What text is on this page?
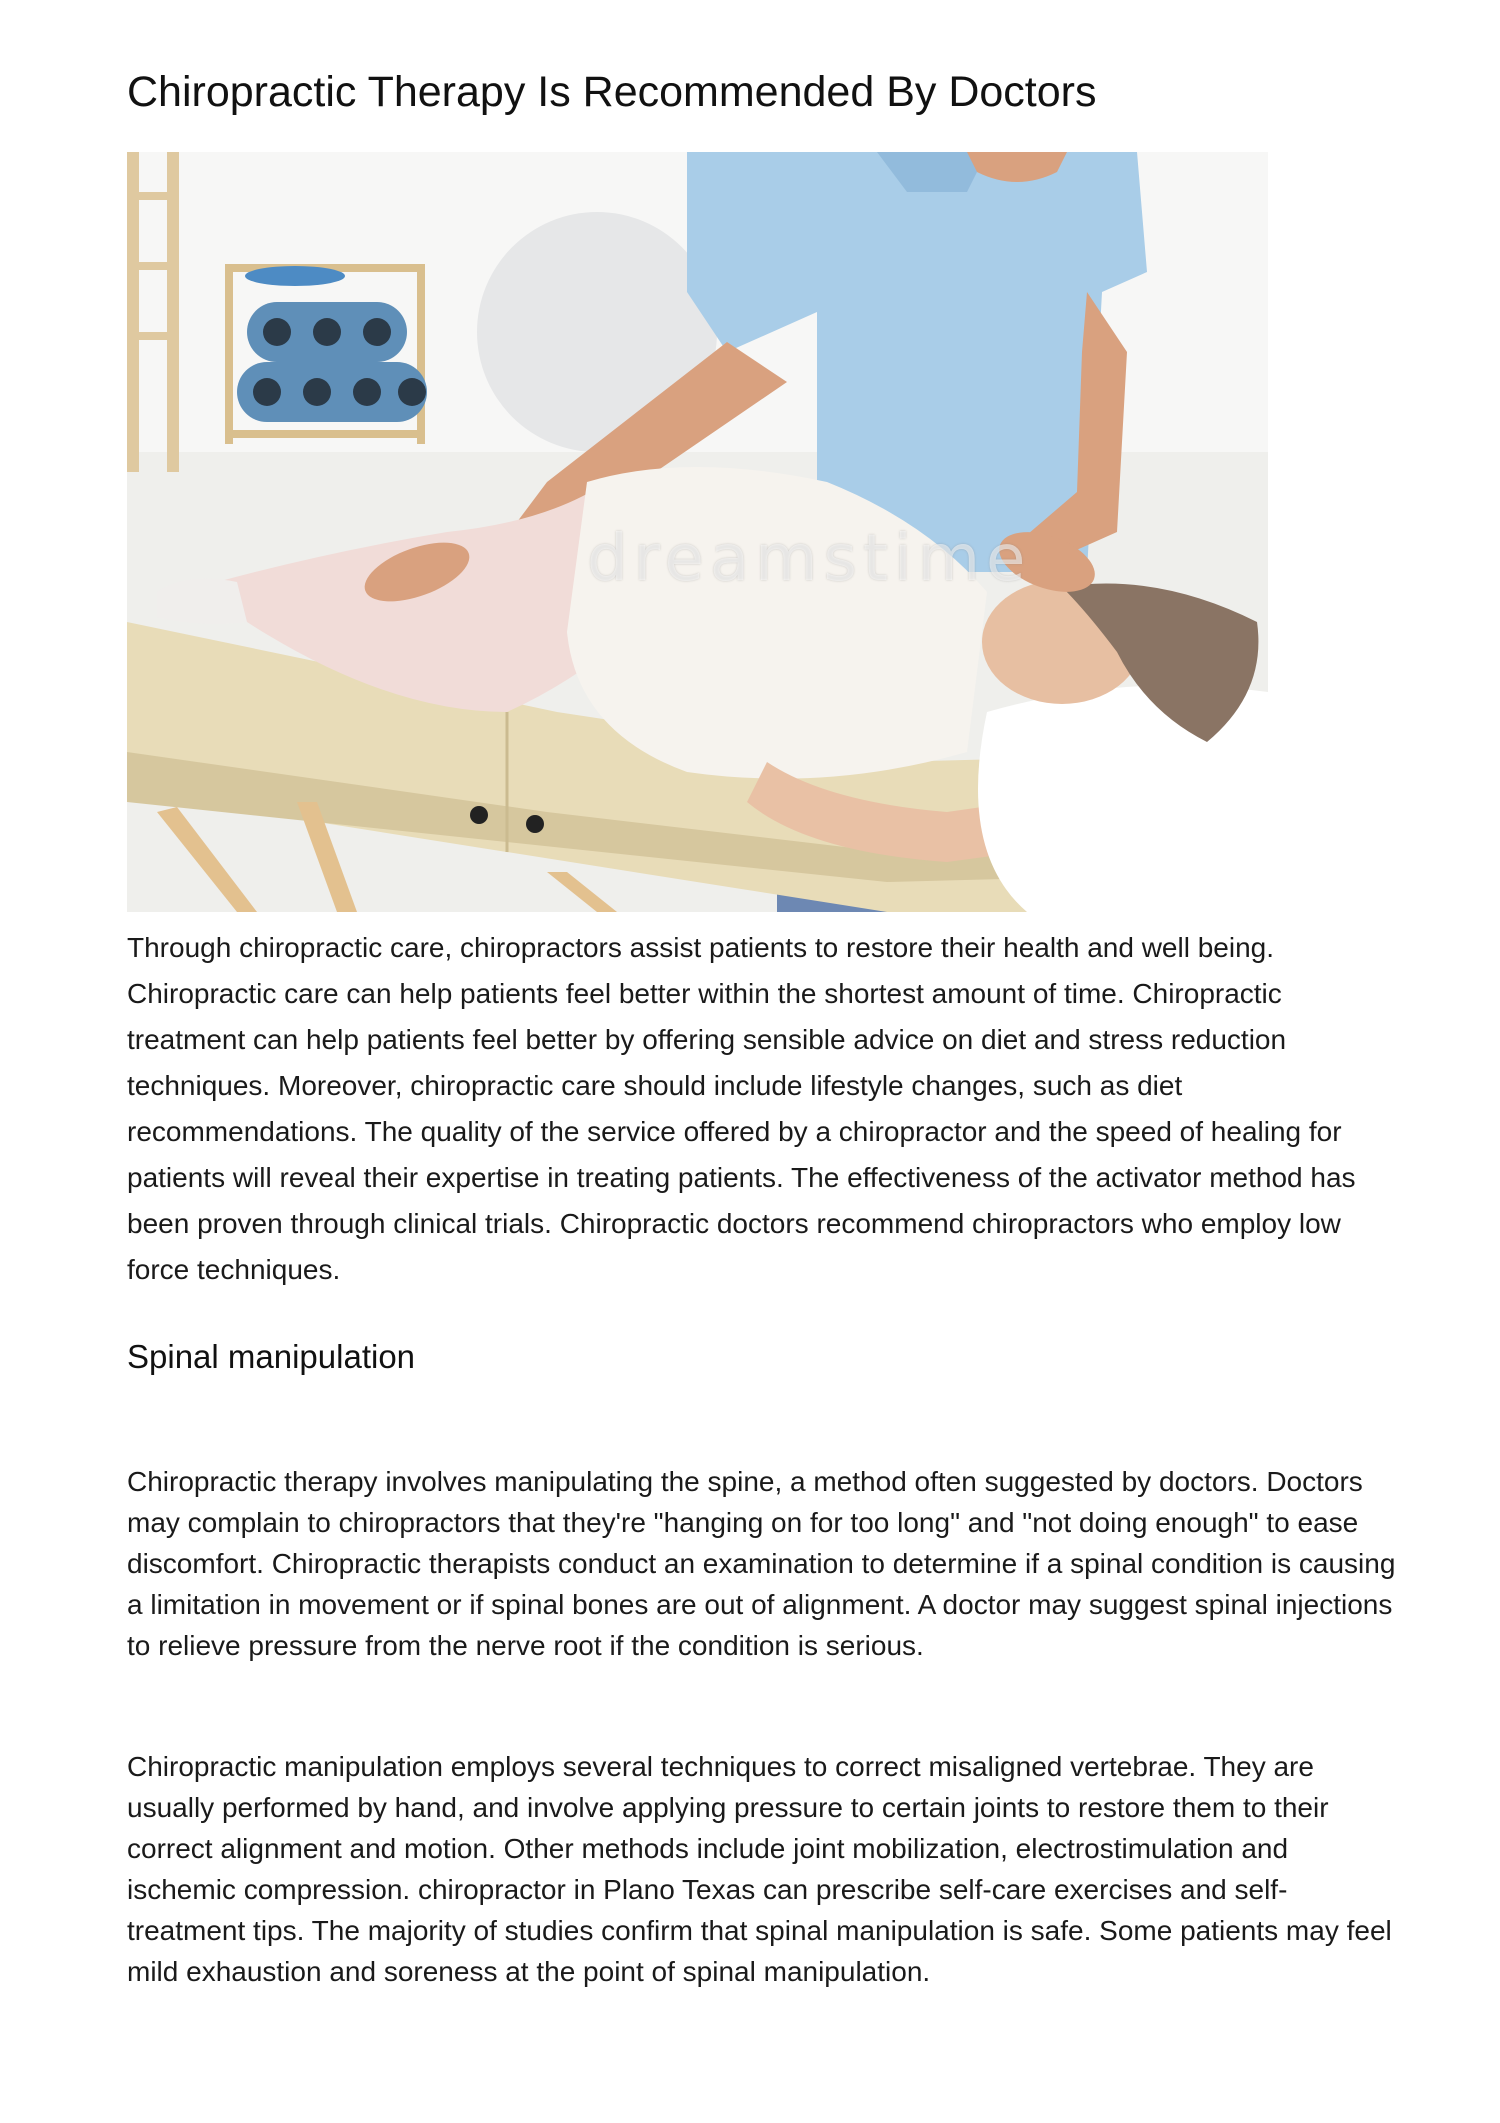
Chiropractic Therapy Is Recommended By Doctors
dreamstime

Through chiropractic care, chiropractors assist patients to restore their health and well being. Chiropractic care can help patients feel better within the shortest amount of time. Chiropractic treatment can help patients feel better by offering sensible advice on diet and stress reduction techniques. Moreover, chiropractic care should include lifestyle changes, such as diet recommendations. The quality of the service offered by a chiropractor and the speed of healing for patients will reveal their expertise in treating patients. The effectiveness of the activator method has been proven through clinical trials. Chiropractic doctors recommend chiropractors who employ low force techniques.

Spinal manipulation

Chiropractic therapy involves manipulating the spine, a method often suggested by doctors. Doctors may complain to chiropractors that they're "hanging on for too long" and "not doing enough" to ease discomfort. Chiropractic therapists conduct an examination to determine if a spinal condition is causing a limitation in movement or if spinal bones are out of alignment. A doctor may suggest spinal injections to relieve pressure from the nerve root if the condition is serious.

Chiropractic manipulation employs several techniques to correct misaligned vertebrae. They are usually performed by hand, and involve applying pressure to certain joints to restore them to their correct alignment and motion. Other methods include joint mobilization, electrostimulation and ischemic compression. chiropractor in Plano Texas can prescribe self-care exercises and self-treatment tips. The majority of studies confirm that spinal manipulation is safe. Some patients may feel mild exhaustion and soreness at the point of spinal manipulation.
